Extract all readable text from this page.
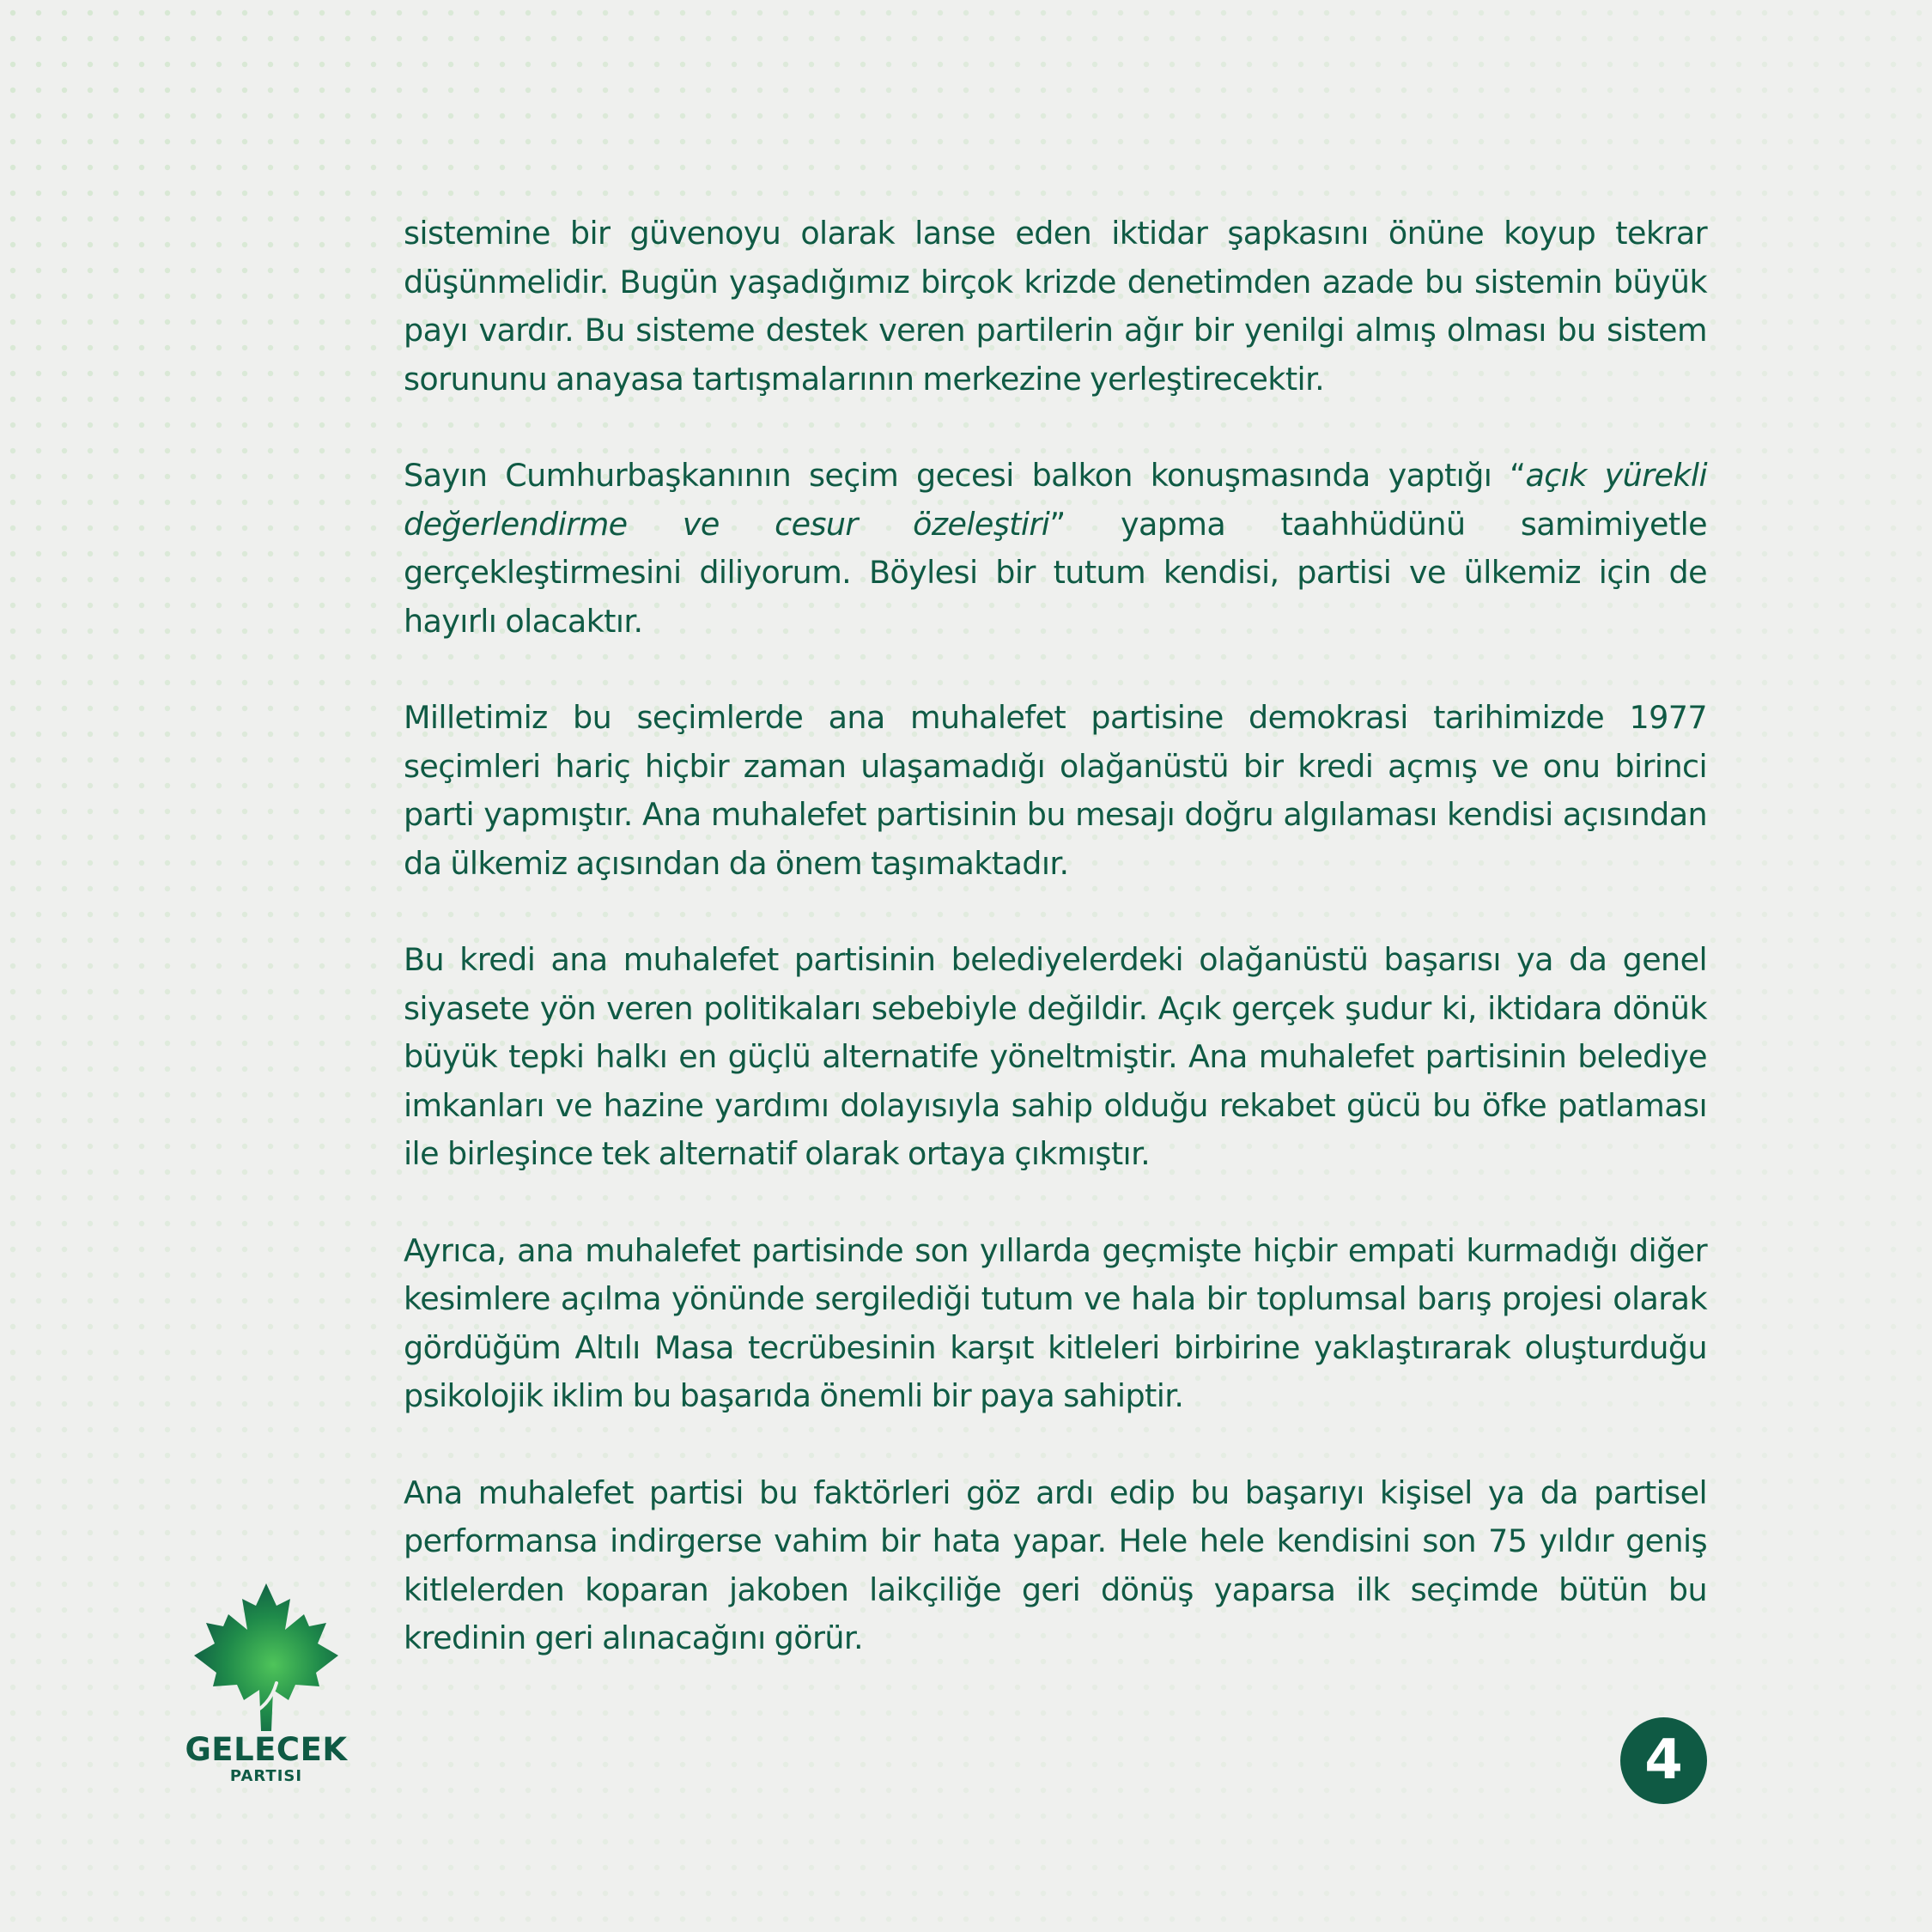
sistemine bir güvenoyu olarak lanse eden iktidar şapkasını önüne koyup tekrar düşünmelidir. Bugün yaşadığımız birçok krizde denetimden azade bu sistemin büyük payı vardır. Bu sisteme destek veren partilerin ağır bir yenilgi almış olması bu sistem sorununu anayasa tartışmalarının merkezine yerleştirecektir.

Sayın Cumhurbaşkanının seçim gecesi balkon konuşmasında yaptığı “açık yürekli değerlendirme ve cesur özeleştiri” yapma taahhüdünü samimiyetle gerçekleştirmesini diliyorum. Böylesi bir tutum kendisi, partisi ve ülkemiz için de hayırlı olacaktır.

Milletimiz bu seçimlerde ana muhalefet partisine demokrasi tarihimizde 1977 seçimleri hariç hiçbir zaman ulaşamadığı olağanüstü bir kredi açmış ve onu birinci parti yapmıştır. Ana muhalefet partisinin bu mesajı doğru algılaması kendisi açısından da ülkemiz açısından da önem taşımaktadır.

Bu kredi ana muhalefet partisinin belediyelerdeki olağanüstü başarısı ya da genel siyasete yön veren politikaları sebebiyle değildir. Açık gerçek şudur ki, iktidara dönük büyük tepki halkı en güçlü alternatife yöneltmiştir. Ana muhalefet partisinin belediye imkanları ve hazine yardımı dolayısıyla sahip olduğu rekabet gücü bu öfke patlaması ile birleşince tek alternatif olarak ortaya çıkmıştır.

Ayrıca, ana muhalefet partisinde son yıllarda geçmişte hiçbir empati kurmadığı diğer kesimlere açılma yönünde sergilediği tutum ve hala bir toplumsal barış projesi olarak gördüğüm Altılı Masa tecrübesinin karşıt kitleleri birbirine yaklaştırarak oluşturduğu psikolojik iklim bu başarıda önemli bir paya sahiptir.

Ana muhalefet partisi bu faktörleri göz ardı edip bu başarıyı kişisel ya da partisel performansa indirgerse vahim bir hata yapar. Hele hele kendisini son 75 yıldır geniş kitlelerden koparan jakoben laikçiliğe geri dönüş yaparsa ilk seçimde bütün bu kredinin geri alınacağını görür.

GELECEK
PARTISI	4
